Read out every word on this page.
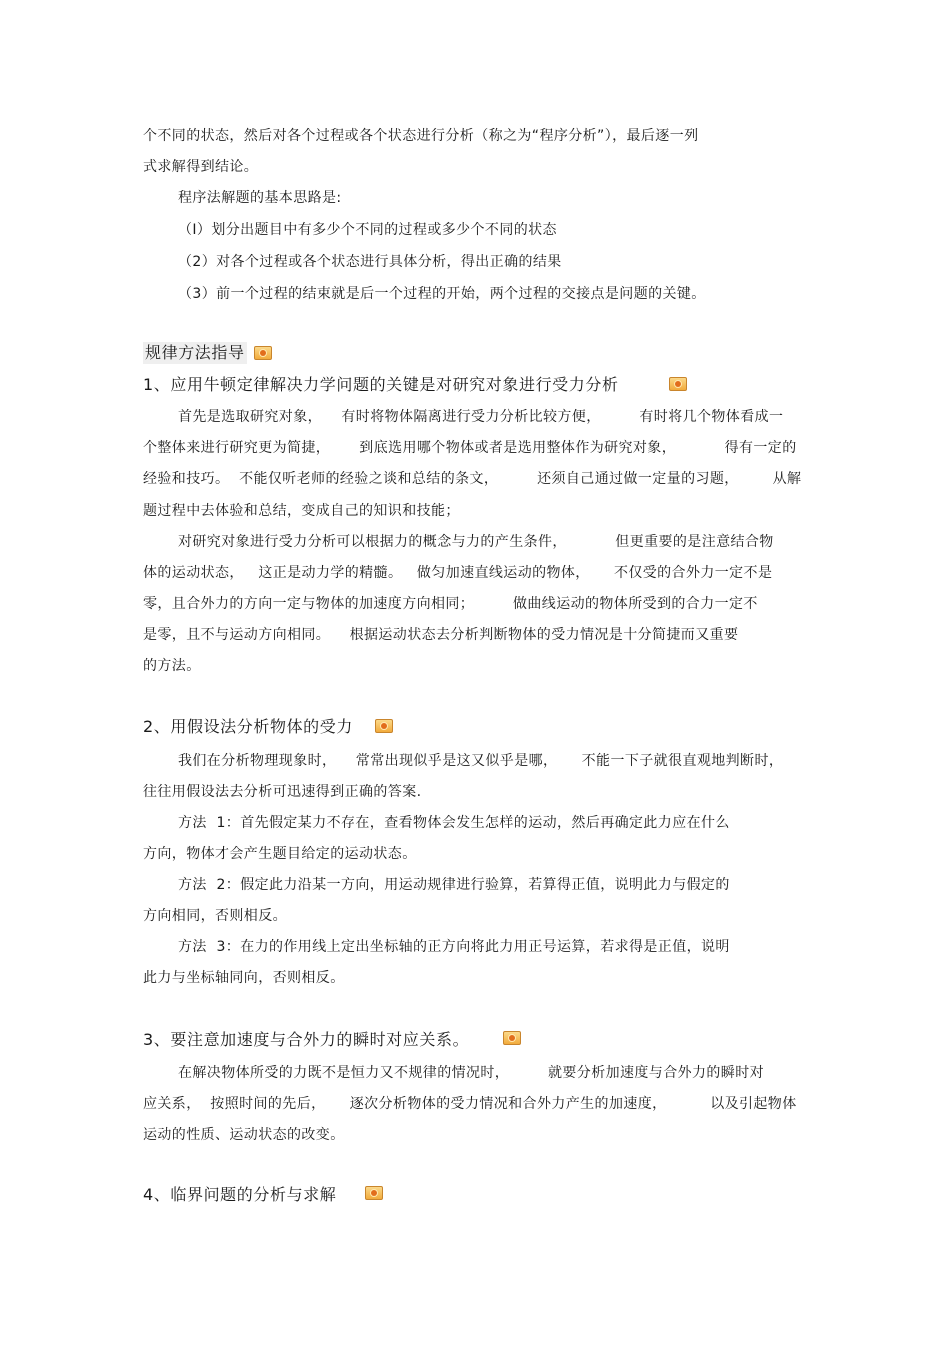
个不同的状态，然后对各个过程或各个状态进行分析（称之为“程序分析”），最后逐一列
式求解得到结论。
程序法解题的基本思路是:
（I）划分出题目中有多少个不同的过程或多少个不同的状态
（2）对各个过程或各个状态进行具体分析，得出正确的结果
（3）前一个过程的结束就是后一个过程的开始，两个过程的交接点是问题的关键。
规律方法指导
1、应用牛顿定律解决力学问题的关键是对研究对象进行受力分析
首先是选取研究对象，    有时将物体隔离进行受力分析比较方便，        有时将几个物体看成一
个整体来进行研究更为简捷，      到底选用哪个物体或者是选用整体作为研究对象，          得有一定的
经验和技巧。  不能仅听老师的经验之谈和总结的条文，        还须自己通过做一定量的习题，       从解
题过程中去体验和总结，变成自己的知识和技能；
对研究对象进行受力分析可以根据力的概念与力的产生条件，          但更重要的是注意结合物
体的运动状态，   这正是动力学的精髓。   做匀加速直线运动的物体，     不仅受的合外力一定不是
零，且合外力的方向一定与物体的加速度方向相同；        做曲线运动的物体所受到的合力一定不
是零，且不与运动方向相同。    根据运动状态去分析判断物体的受力情况是十分简捷而又重要
的方法。
2、用假设法分析物体的受力
我们在分析物理现象时，    常常出现似乎是这又似乎是哪，     不能一下子就很直观地判断时，
往往用假设法去分析可迅速得到正确的答案.
方法  1：首先假定某力不存在，查看物体会发生怎样的运动，然后再确定此力应在什么
方向，物体才会产生题目给定的运动状态。
方法  2：假定此力沿某一方向，用运动规律进行验算，若算得正值，说明此力与假定的
方向相同，否则相反。
方法  3：在力的作用线上定出坐标轴的正方向将此力用正号运算，若求得是正值，说明
此力与坐标轴同向，否则相反。
3、要注意加速度与合外力的瞬时对应关系。
在解决物体所受的力既不是恒力又不规律的情况时，        就要分析加速度与合外力的瞬时对
应关系，  按照时间的先后，     逐次分析物体的受力情况和合外力产生的加速度，         以及引起物体
运动的性质、运动状态的改变。
4、临界问题的分析与求解
